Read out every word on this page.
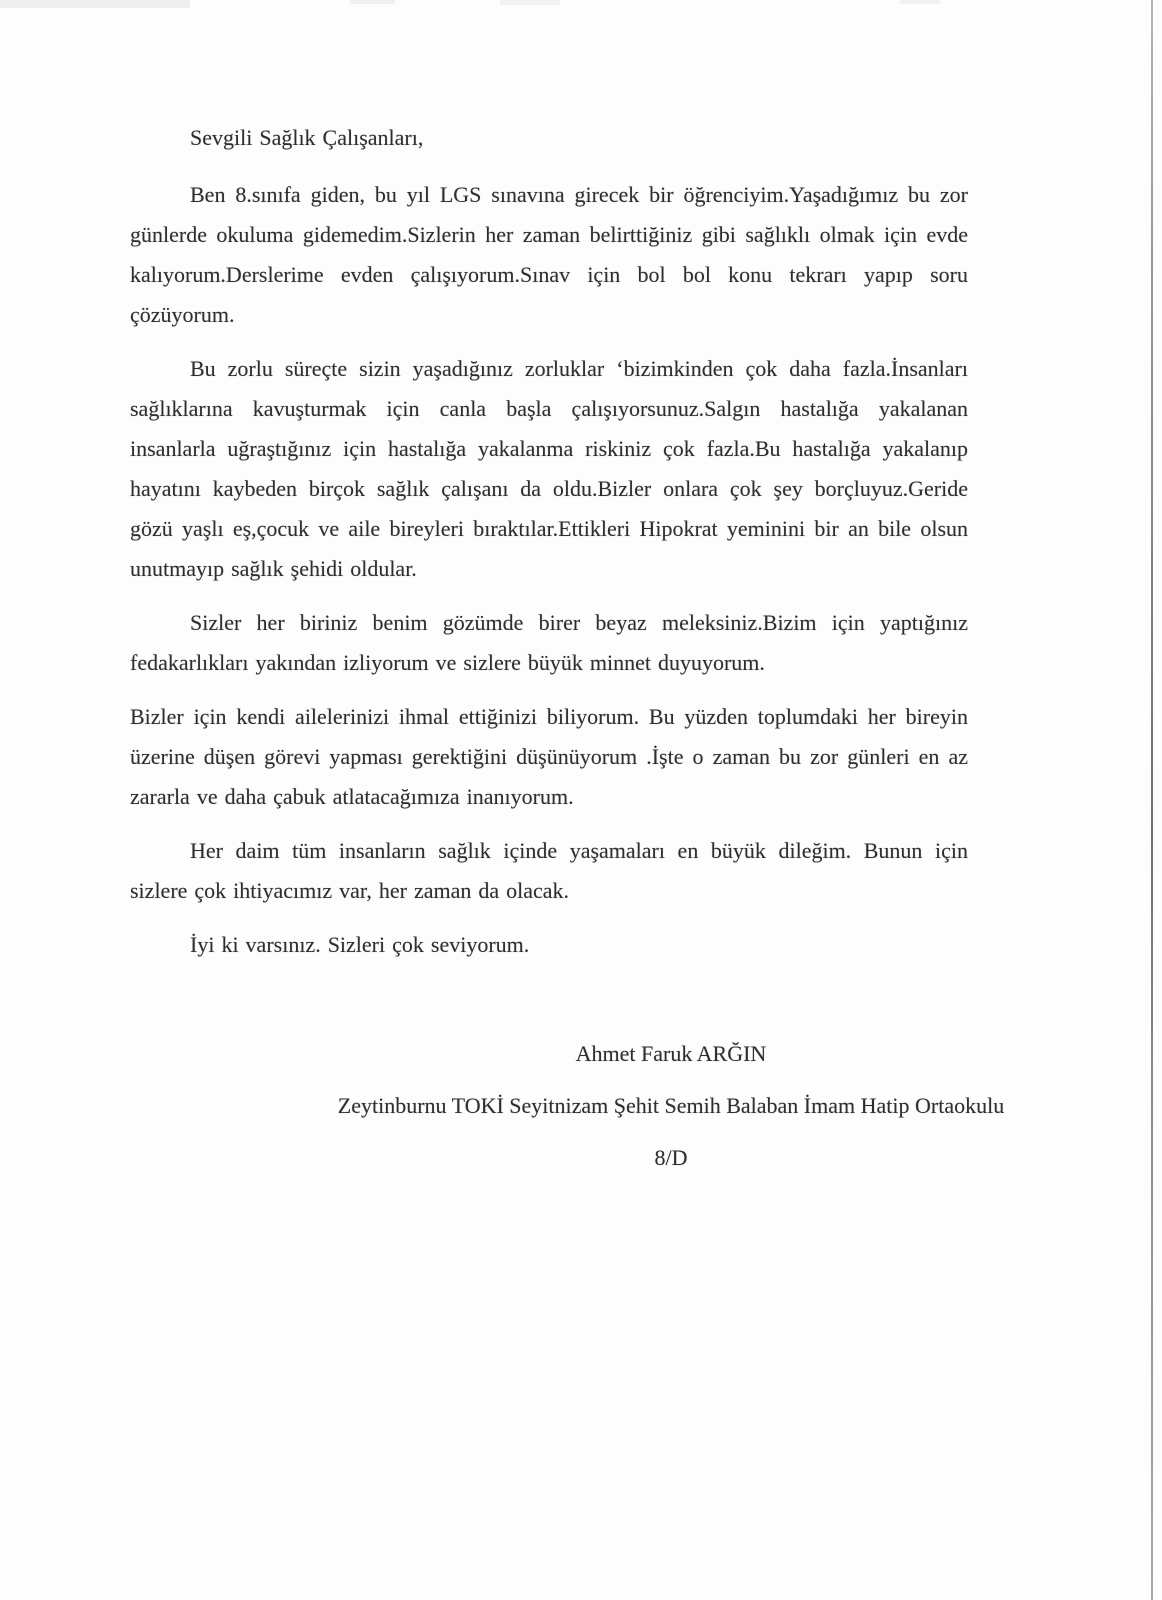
Sevgili Sağlık Çalışanları,

Ben 8.sınıfa giden, bu yıl LGS sınavına girecek bir öğrenciyim.Yaşadığımız bu zor günlerde okuluma gidemedim.Sizlerin her zaman belirttiğiniz gibi sağlıklı olmak için evde kalıyorum.Derslerime evden çalışıyorum.Sınav için bol bol konu tekrarı yapıp soru çözüyorum.

Bu zorlu süreçte sizin yaşadığınız zorluklar ‘bizimkinden çok daha fazla.İnsanları sağlıklarına kavuşturmak için canla başla çalışıyorsunuz.Salgın hastalığa yakalanan insanlarla uğraştığınız için hastalığa yakalanma riskiniz çok fazla.Bu hastalığa yakalanıp hayatını kaybeden birçok sağlık çalışanı da oldu.Bizler onlara çok şey borçluyuz.Geride gözü yaşlı eş,çocuk ve aile bireyleri bıraktılar.Ettikleri Hipokrat yeminini bir an bile olsun unutmayıp sağlık şehidi oldular.

Sizler her biriniz benim gözümde birer beyaz meleksiniz.Bizim için yaptığınız fedakarlıkları yakından izliyorum ve sizlere büyük minnet duyuyorum.

Bizler için kendi ailelerinizi ihmal ettiğinizi biliyorum. Bu yüzden toplumdaki her bireyin üzerine düşen görevi yapması gerektiğini düşünüyorum .İşte o zaman bu zor günleri en az zararla ve daha çabuk atlatacağımıza inanıyorum.

Her daim tüm insanların sağlık içinde yaşamaları en büyük dileğim. Bunun için sizlere çok ihtiyacımız var, her zaman da olacak.

İyi ki varsınız. Sizleri çok seviyorum.

Ahmet Faruk ARĞIN
Zeytinburnu TOKİ Seyitnizam Şehit Semih Balaban İmam Hatip Ortaokulu
8/D
